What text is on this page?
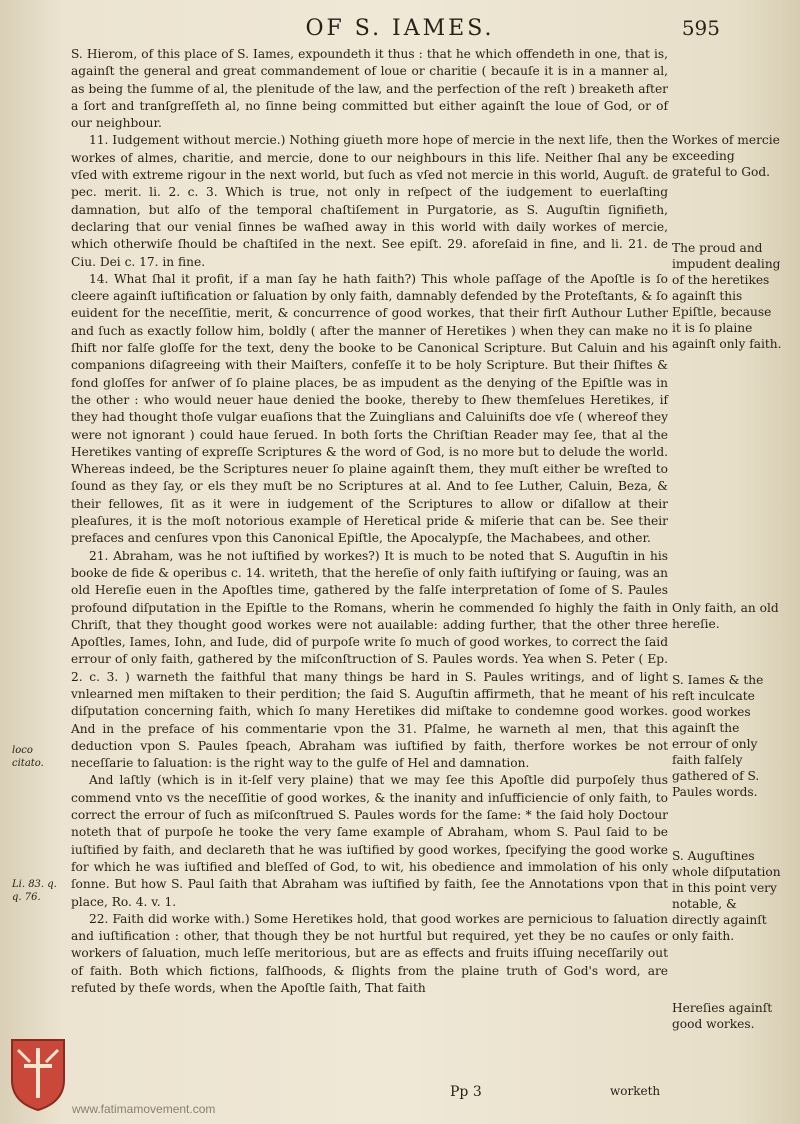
OF S. IAMES.	595

S. Hierom, of this place of S. Iames, expoundeth it thus : that he which offendeth in one, that is, againſt the general and great commandement of loue or charitie ( becauſe it is in a manner al, as being the ſumme of al, the plenitude of the law, and the perfection of the reſt ) breaketh after a ſort and tranſgreſſeth al, no ſinne being committed but either againſt the loue of God, or of our neighbour.

11. Iudgement without mercie.) Nothing giueth more hope of mercie in the next life, then the workes of almes, charitie, and mercie, done to our neighbours in this life. Neither ſhal any be vſed with extreme rigour in the next world, but ſuch as vſed not mercie in this world, Auguſt. de pec. merit. li. 2. c. 3. Which is true, not only in reſpect of the iudgement to euerlaſting damnation, but alſo of the temporal chaſtiſement in Purgatorie, as S. Auguſtin ſignifieth, declaring that our venial ſinnes be waſhed away in this world with daily workes of mercie, which otherwiſe ſhould be chaſtiſed in the next. See epiſt. 29. aforeſaid in fine, and li. 21. de Ciu. Dei c. 17. in fine.

14. What ſhal it profit, if a man ſay he hath faith?) This whole paſſage of the Apoſtle is ſo cleere againſt iuſtification or ſaluation by only faith, damnably defended by the Proteſtants, & ſo euident for the neceſſitie, merit, & concurrence of good workes, that their firſt Authour Luther and ſuch as exactly follow him, boldly ( after the manner of Heretikes ) when they can make no ſhift nor falſe gloſſe for the text, deny the booke to be Canonical Scripture. But Caluin and his companions diſagreeing with their Maiſters, confeſſe it to be holy Scripture. But their ſhiftes & fond gloſſes for anſwer of ſo plaine places, be as impudent as the denying of the Epiſtle was in the other : who would neuer haue denied the booke, thereby to ſhew themſelues Heretikes, if they had thought thoſe vulgar euaſions that the Zuinglians and Caluiniſts doe vſe ( whereof they were not ignorant ) could haue ſerued. In both ſorts the Chriſtian Reader may ſee, that al the Heretikes vanting of expreſſe Scriptures & the word of God, is no more but to delude the world. Whereas indeed, be the Scriptures neuer ſo plaine againſt them, they muſt either be wreſted to ſound as they ſay, or els they muſt be no Scriptures at al. And to ſee Luther, Caluin, Beza, & their fellowes, ſit as it were in iudgement of the Scriptures to allow or diſallow at their pleaſures, it is the moſt notorious example of Heretical pride & miſerie that can be. See their prefaces and cenſures vpon this Canonical Epiſtle, the Apocalypſe, the Machabees, and other.

21. Abraham, was he not iuſtified by workes?) It is much to be noted that S. Auguſtin in his booke de fide & operibus c. 14. writeth, that the hereſie of only faith iuſtifying or ſauing, was an old Hereſie euen in the Apoſtles time, gathered by the falſe interpretation of ſome of S. Paules profound diſputation in the Epiſtle to the Romans, wherin he commended ſo highly the faith in Chriſt, that they thought good workes were not auailable: adding further, that the other three Apoſtles, Iames, Iohn, and Iude, did of purpoſe write ſo much of good workes, to correct the ſaid errour of only faith, gathered by the miſconſtruction of S. Paules words. Yea when S. Peter ( Ep. 2. c. 3. ) warneth the faithful that many things be hard in S. Paules writings, and of light vnlearned men miſtaken to their perdition; the ſaid S. Auguſtin affirmeth, that he meant of his diſputation concerning faith, which ſo many Heretikes did miſtake to condemne good workes. And in the preface of his commentarie vpon the 31. Pſalme, he warneth al men, that this deduction vpon S. Paules ſpeach, Abraham was iuſtified by faith, therfore workes be not neceſſarie to ſaluation: is the right way to the gulfe of Hel and damnation.

And laſtly (which is in it-ſelf very plaine) that we may ſee this Apoſtle did purpoſely thus commend vnto vs the neceſſitie of good workes, & the inanity and inſufficiencie of only faith, to correct the errour of ſuch as miſconſtrued S. Paules words for the ſame: * the ſaid holy Doctour noteth that of purpoſe he tooke the very ſame example of Abraham, whom S. Paul ſaid to be iuſtified by faith, and declareth that he was iuſtified by good workes, ſpecifying the good worke for which he was iuſtified and bleſſed of God, to wit, his obedience and immolation of his only ſonne. But how S. Paul ſaith that Abraham was iuſtified by faith, ſee the Annotations vpon that place, Ro. 4. v. 1.

22. Faith did worke with.) Some Heretikes hold, that good workes are pernicious to ſaluation and iuſtification : other, that though they be not hurtful but required, yet they be no cauſes or workers of ſaluation, much leſſe meritorious, but are as effects and fruits iſſuing neceſſarily out of faith. Both which fictions, falſhoods, & ſlights from the plaine truth of God's word, are refuted by theſe words, when the Apoſtle ſaith, That faith

Workes of mercie exceeding grateful to God.
The proud and impudent dealing of the heretikes againſt this Epiſtle, because it is ſo plaine againſt only faith.
Only faith, an old hereſie.
S. Iames & the reſt inculcate good workes againſt the errour of only faith falſely gathered of S. Paules words.
S. Auguſtines whole diſputation in this point very notable, & directly againſt only faith.
Hereſies againſt good workes.
loco citato.
Li. 83. q. q. 76.
Pp 3	worketh
www.fatimamovement.com
